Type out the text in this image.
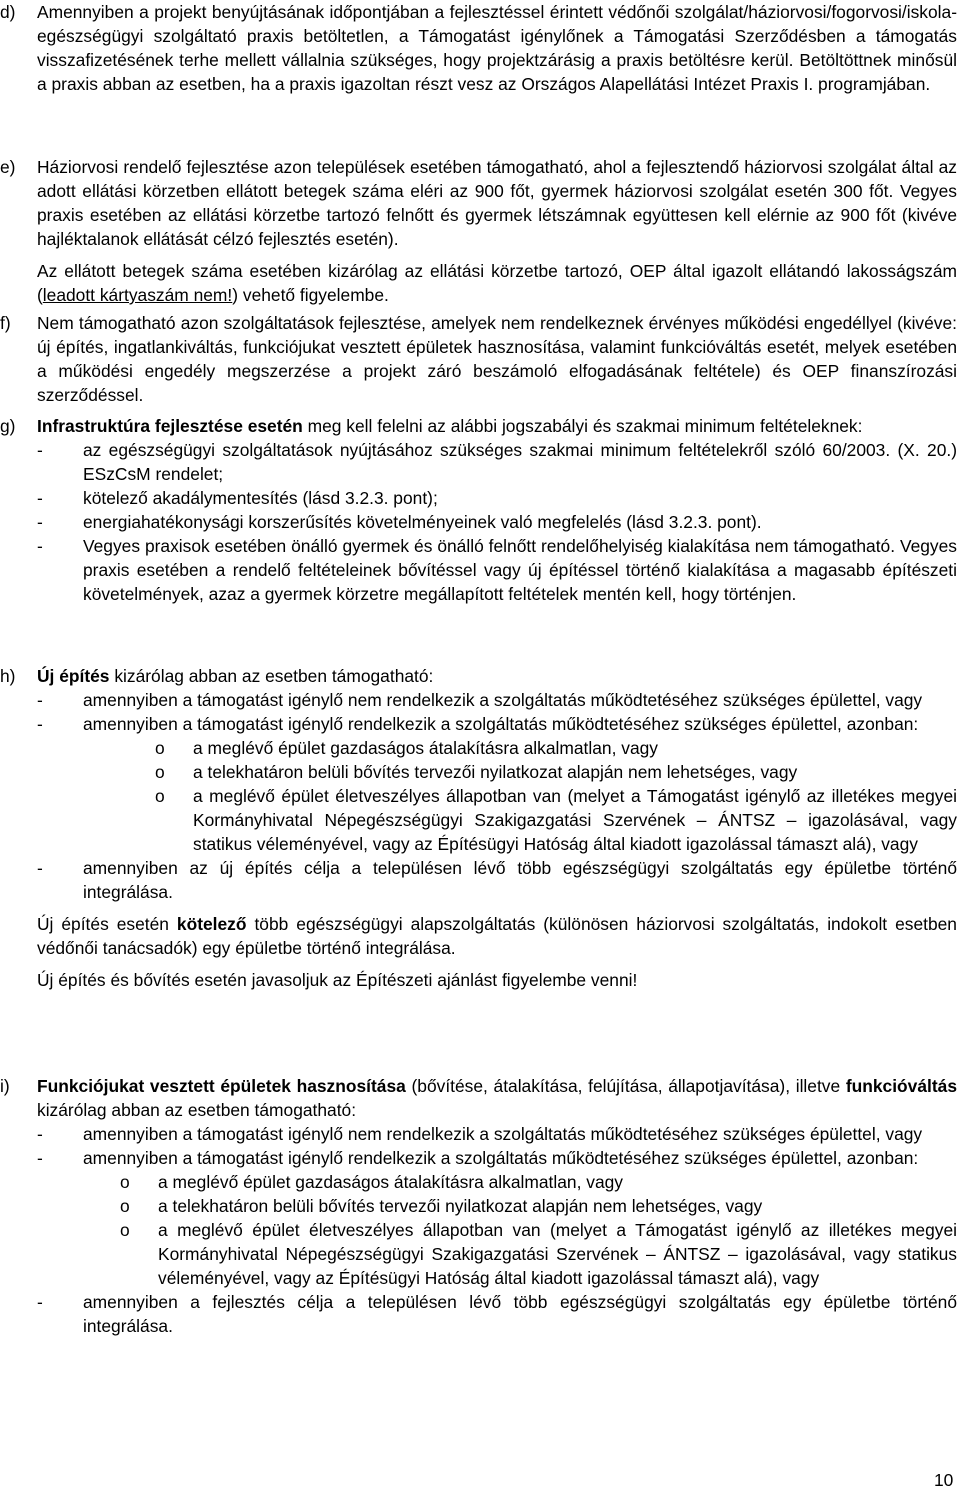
d) Amennyiben a projekt benyújtásának időpontjában a fejlesztéssel érintett védőnői szolgálat/háziorvosi/fogorvosi/iskola-egészségügyi szolgáltató praxis betöltetlen, a Támogatást igénylőnek a Támogatási Szerződésben a támogatás visszafizetésének terhe mellett vállalnia szükséges, hogy projektzárásig a praxis betöltésre kerül. Betöltöttnek minősül a praxis abban az esetben, ha a praxis igazoltan részt vesz az Országos Alapellátási Intézet Praxis I. programjában.

e) Háziorvosi rendelő fejlesztése azon települések esetében támogatható, ahol a fejlesztendő háziorvosi szolgálat által az adott ellátási körzetben ellátott betegek száma eléri az 900 főt, gyermek háziorvosi szolgálat esetén 300 főt. Vegyes praxis esetében az ellátási körzetbe tartozó felnőtt és gyermek létszámnak együttesen kell elérnie az 900 főt (kivéve hajléktalanok ellátását célzó fejlesztés esetén).

Az ellátott betegek száma esetében kizárólag az ellátási körzetbe tartozó, OEP által igazolt ellátandó lakosságszám (leadott kártyaszám nem!) vehető figyelembe.

f) Nem támogatható azon szolgáltatások fejlesztése, amelyek nem rendelkeznek érvényes működési engedéllyel (kivéve: új építés, ingatlankiváltás, funkciójukat vesztett épületek hasznosítása, valamint funkcióváltás esetét, melyek esetében a működési engedély megszerzése a projekt záró beszámoló elfogadásának feltétele) és OEP finanszírozási szerződéssel.

g) Infrastruktúra fejlesztése esetén meg kell felelni az alábbi jogszabályi és szakmai minimum feltételeknek:

- az egészségügyi szolgáltatások nyújtásához szükséges szakmai minimum feltételekről szóló 60/2003. (X. 20.) ESzCsM rendelet;

- kötelező akadálymentesítés (lásd 3.2.3. pont);

- energiahatékonysági korszerűsítés követelményeinek való megfelelés (lásd 3.2.3. pont).

- Vegyes praxisok esetében önálló gyermek és önálló felnőtt rendelőhelyiség kialakítása nem támogatható. Vegyes praxis esetében a rendelő feltételeinek bővítéssel vagy új építéssel történő kialakítása a magasabb építészeti követelmények, azaz a gyermek körzetre megállapított feltételek mentén kell, hogy történjen.

h) Új építés kizárólag abban az esetben támogatható:

- amennyiben a támogatást igénylő nem rendelkezik a szolgáltatás működtetéséhez szükséges épülettel, vagy

- amennyiben a támogatást igénylő rendelkezik a szolgáltatás működtetéséhez szükséges épülettel, azonban:

o a meglévő épület gazdaságos átalakításra alkalmatlan, vagy

o a telekhatáron belüli bővítés tervezői nyilatkozat alapján nem lehetséges, vagy

o a meglévő épület életveszélyes állapotban van (melyet a Támogatást igénylő az illetékes megyei Kormányhivatal Népegészségügyi Szakigazgatási Szervének – ÁNTSZ – igazolásával, vagy statikus véleményével, vagy az Építésügyi Hatóság által kiadott igazolással támaszt alá), vagy

- amennyiben az új építés célja a településen lévő több egészségügyi szolgáltatás egy épületbe történő integrálása.

Új építés esetén kötelező több egészségügyi alapszolgáltatás (különösen háziorvosi szolgáltatás, indokolt esetben védőnői tanácsadók) egy épületbe történő integrálása.

Új építés és bővítés esetén javasoljuk az Építészeti ajánlást figyelembe venni!

i) Funkciójukat vesztett épületek hasznosítása (bővítése, átalakítása, felújítása, állapotjavítása), illetve funkcióváltás kizárólag abban az esetben támogatható:

- amennyiben a támogatást igénylő nem rendelkezik a szolgáltatás működtetéséhez szükséges épülettel, vagy

- amennyiben a támogatást igénylő rendelkezik a szolgáltatás működtetéséhez szükséges épülettel, azonban:

o a meglévő épület gazdaságos átalakításra alkalmatlan, vagy

o a telekhatáron belüli bővítés tervezői nyilatkozat alapján nem lehetséges, vagy

o a meglévő épület életveszélyes állapotban van (melyet a Támogatást igénylő az illetékes megyei Kormányhivatal Népegészségügyi Szakigazgatási Szervének – ÁNTSZ – igazolásával, vagy statikus véleményével, vagy az Építésügyi Hatóság által kiadott igazolással támaszt alá), vagy

- amennyiben a fejlesztés célja a településen lévő több egészségügyi szolgáltatás egy épületbe történő integrálása.

10
